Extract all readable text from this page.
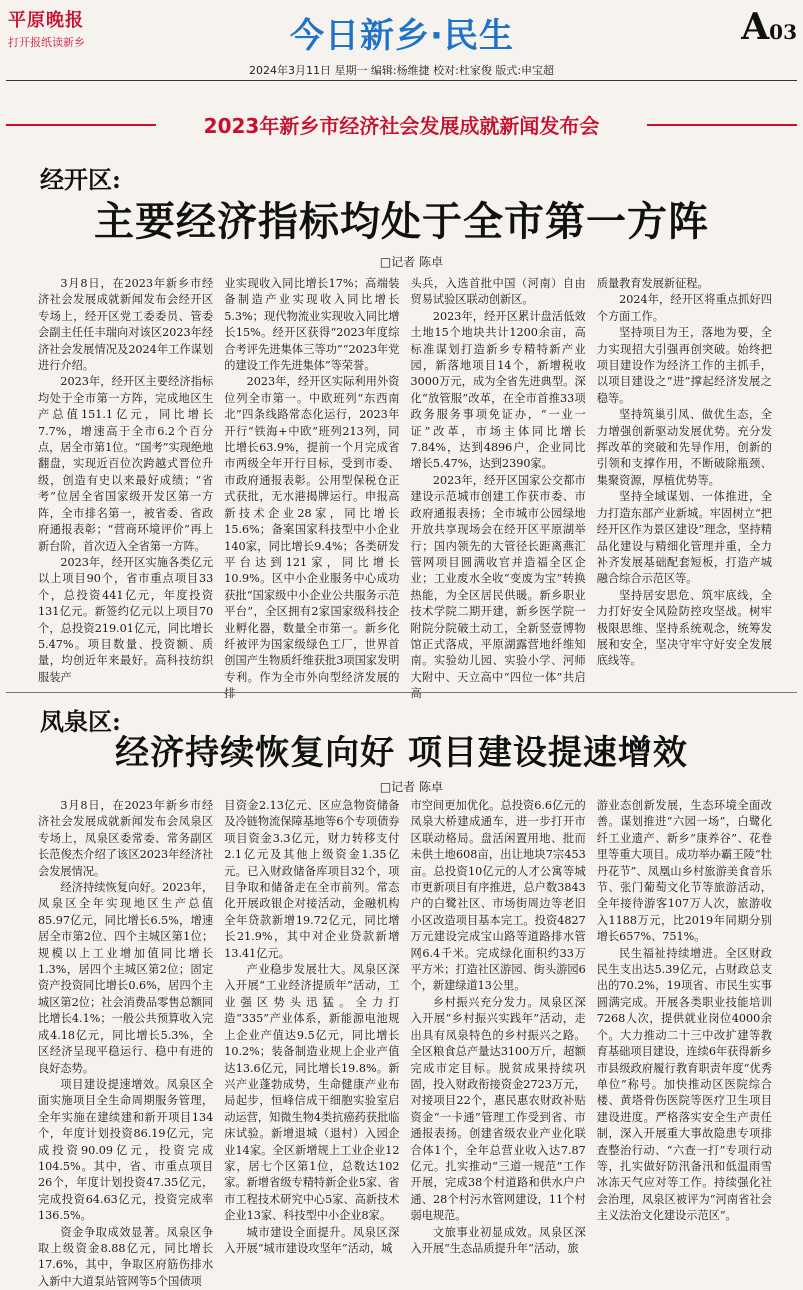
平原晚报
打开报纸读新乡	今日新乡·民生	A03
2024年3月11日 星期一 编辑:杨维捷 校对:杜家俊 版式:申宝超
2023年新乡市经济社会发展成就新闻发布会
经开区:
主要经济指标均处于全市第一方阵
□记者 陈卓

3月8日，在2023年新乡市经济社会发展成就新闻发布会经开区专场上，经开区党工委委员、管委会副主任任丰瑞向对该区2023年经济社会发展情况及2024年工作谋划进行介绍。

2023年，经开区主要经济指标均处于全市第一方阵，完成地区生产总值151.1亿元，同比增长7.7%，增速高于全市6.2个百分点，居全市第1位。“国考”实现绝地翻盘，实现近百位次跨越式晋位升级，创造有史以来最好成绩；“省考”位居全省国家级开发区第一方阵，全市排名第一，被省委、省政府通报表彰；“营商环境评价”再上新台阶，首次迈入全省第一方阵。

2023年，经开区实施各类亿元以上项目90个，省市重点项目33个，总投资441亿元，年度投资131亿元。新签约亿元以上项目70个，总投资219.01亿元，同比增长5.47%。项目数量、投资额、质量，均创近年来最好。高科技纺织服装产

业实现收入同比增长17%；高端装备制造产业实现收入同比增长5.3%；现代物流业实现收入同比增长15%。经开区获得“2023年度综合考评先进集体三等功”“2023年党的建设工作先进集体”等荣誉。

2023年，经开区实际利用外资位列全市第一。中欧班列“东西南北”四条线路常态化运行，2023年开行“铁海+中欧”班列213列，同比增长63.9%，提前一个月完成省市两级全年开行目标，受到市委、市政府通报表彰。公用型保税仓正式获批，无水港揭牌运行。申报高新技术企业28家，同比增长15.6%；备案国家科技型中小企业140家，同比增长9.4%；各类研发平台达到121家，同比增长10.9%。区中小企业服务中心成功获批“国家级中小企业公共服务示范平台”，全区拥有2家国家级科技企业孵化器，数量全市第一。新乡化纤被评为国家级绿色工厂，世界首创国产生物质纤维获批3项国家发明专利。作为全市外向型经济发展的排

头兵，入选首批中国（河南）自由贸易试验区联动创新区。

2023年，经开区累计盘活低效土地15个地块共计1200余亩，高标准谋划打造新乡专精特新产业园，新落地项目14个，新增税收3000万元，成为全省先进典型。深化“放管服”改革，在全市首推33项政务服务事项免证办，“一业一证”改革，市场主体同比增长7.84%，达到4896户，企业同比增长5.47%，达到2390家。

2023年，经开区国家公交都市建设示范城市创建工作获市委、市政府通报表扬；全市城市公园绿地开放共享现场会在经开区平原湖举行；国内领先的大管径长距离燕汇管网项目圆满收官并造福全区企业；工业废水全收“变废为宝”转换热能，为全区居民供暖。新乡职业技术学院二期开建，新乡医学院一附院分院破土动工，全新竖壹博物馆正式落成，平原湖露营地纤维知南。实验幼儿园、实验小学、河师大附中、天立高中“四位一体”共启高

质量教育发展新征程。

2024年，经开区将重点抓好四个方面工作。

坚持项目为王，落地为要，全力实现招大引强再创突破。始终把项目建设作为经济工作的主抓手，以项目建设之“进”撑起经济发展之稳等。

坚持筑巢引凤、做优生态，全力增强创新驱动发展优势。充分发挥改革的突破和先导作用，创新的引领和支撑作用，不断破除瓶颈、集聚资源，厚植优势等。

坚持全域谋划、一体推进，全力打造东部产业新城。牢固树立“把经开区作为景区建设”理念，坚持精品化建设与精细化管理并重，全力补齐发展基础配套短板，打造产城融合综合示范区等。

坚持居安思危、筑牢底线，全力打好安全风险防控攻坚战。树牢极限思维、坚持系统观念，统筹发展和安全，坚决守牢守好安全发展底线等。

凤泉区:
经济持续恢复向好 项目建设提速增效
□记者 陈卓

3月8日，在2023年新乡市经济社会发展成就新闻发布会凤泉区专场上，凤泉区委常委、常务副区长范俊杰介绍了该区2023年经济社会发展情况。

经济持续恢复向好。2023年，凤泉区全年实现地区生产总值85.97亿元，同比增长6.5%，增速居全市第2位、四个主城区第1位；规模以上工业增加值同比增长1.3%，居四个主城区第2位；固定资产投资同比增长0.6%，居四个主城区第2位；社会消费品零售总额同比增长4.1%；一般公共预算收入完成4.18亿元，同比增长5.3%，全区经济呈现平稳运行、稳中有进的良好态势。

项目建设提速增效。凤泉区全面实施项目全生命周期服务管理，全年实施在建续建和新开项目134个，年度计划投资86.19亿元，完成投资90.09亿元，投资完成104.5%。其中，省、市重点项目26个，年度计划投资47.35亿元，完成投资64.63亿元，投资完成率136.5%。

资金争取成效显著。凤泉区争取上级资金8.88亿元，同比增长17.6%，其中，争取区府筋伤排水入新中大道泵站管网等5个国债项

目资金2.13亿元、区应急物资储备及冷链物流保障基地等6个专项债券项目资金3.3亿元，财力转移支付2.1亿元及其他上级资金1.35亿元。已入财政储备库项目32个，项目争取和储备走在全市前列。常态化开展政银企对接活动，金融机构全年贷款新增19.72亿元，同比增长21.9%，其中对企业贷款新增13.41亿元。

产业稳步发展壮大。凤泉区深入开展“工业经济提质年”活动，工业强区势头迅猛。全力打造“335”产业体系，新能源电池规上企业产值达9.5亿元，同比增长10.2%；装备制造业规上企业产值达13.6亿元，同比增长19.8%。新兴产业蓬勃成势，生命健康产业布局起步，恒峰信成干细胞实验室启动运营，知微生物4类抗癌药获批临床试验。新增退城（退村）入园企业14家。全区新增规上工业企业12家，居七个区第1位，总数达102家。新增省级专精特新企业5家、省市工程技术研究中心5家、高新技术企业13家、科技型中小企业8家。

城市建设全面提升。凤泉区深入开展“城市建设攻坚年”活动，城

市空间更加优化。总投资6.6亿元的凤泉大桥建成通车，进一步打开市区联动格局。盘活闲置用地、批而未供土地608亩，出让地块7宗453亩。总投资10亿元的人才公寓等城市更新项目有序推进，总户数3843户的白鹭社区、市场街周边等老旧小区改造项目基本完工。投资4827万元建设完成宝山路等道路排水管网6.4千米。完成绿化面积约33万平方米；打造社区游园、街头游园6个，新建绿道13公里。

乡村振兴充分发力。凤泉区深入开展“乡村振兴实践年”活动，走出具有凤泉特色的乡村振兴之路。全区粮食总产量达3100万斤，超额完成市定目标。脱贫成果持续巩固，投入财政衔接资金2723万元，对接项目22个，惠民惠农财政补贴资金“一卡通”管理工作受到省、市通报表扬。创建省级农业产业化联合体1个，全年总营业收入达7.87亿元。扎实推动“三道一规范”工作开展，完成38个村道路和供水户户通、28个村污水管网建设，11个村弱电规范。

文旅事业初显成效。凤泉区深入开展“生态品质提升年”活动，旅

游业态创新发展，生态环境全面改善。谋划推进“六园一场”，白鹭化纤工业遗产、新乡“康养谷”、花卷里等重大项目。成功举办霸王陵“牡丹花节”、凤凰山乡村旅游美食音乐节、张门葡萄文化节等旅游活动，全年接待游客107万人次，旅游收入1188万元，比2019年同期分别增长657%、751%。

民生福祉持续增进。全区财政民生支出达5.39亿元，占财政总支出的70.2%，19项省、市民生实事圆满完成。开展各类职业技能培训7268人次，提供就业岗位4000余个。大力推动二十三中改扩建等教育基础项目建设，连续6年获得新乡市县级政府履行教育职责年度“优秀单位”称号。加快推动区医院综合楼、黄塔骨伤医院等医疗卫生项目建设进度。严格落实安全生产责任制，深入开展重大事故隐患专项排查整治行动、“六查一打”专项行动等，扎实做好防汛备汛和低温雨雪冰冻天气应对等工作。持续强化社会治理，凤泉区被评为“河南省社会主义法治文化建设示范区”。
